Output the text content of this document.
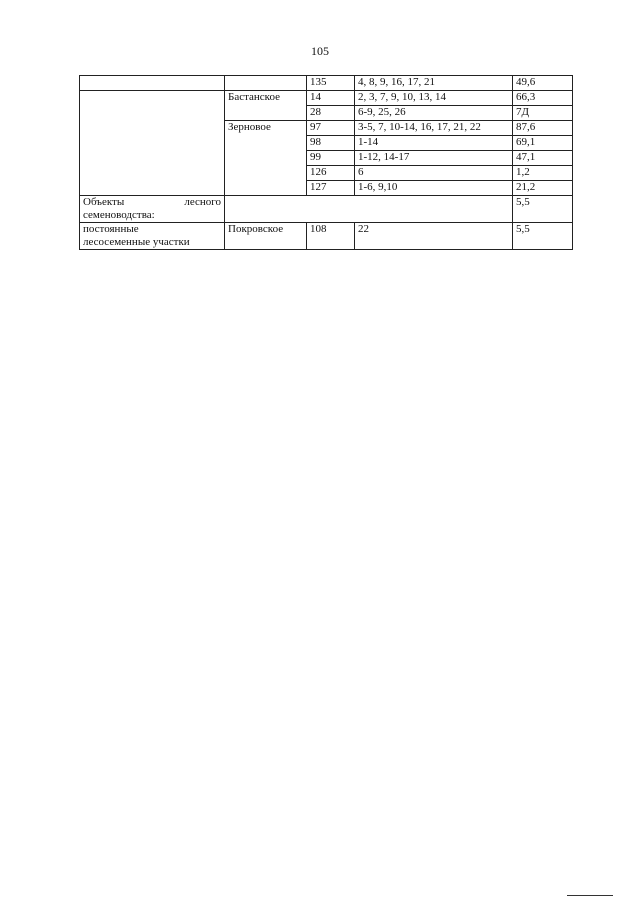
105
		135	4, 8, 9, 16, 17, 21	49,6
	Бастанское	14	2, 3, 7, 9, 10, 13, 14	66,3
		28	6-9, 25, 26	7Д
	Зерновое	97	3-5, 7, 10-14, 16, 17, 21, 22	87,6
		98	1-14	69,1
		99	1-12, 14-17	47,1
		126	6	1,2
		127	1-6, 9,10	21,2

Объекты лесного
семеноводства:				5,5

постоянные
лесосеменные участки	Покровское	108	22	5,5
